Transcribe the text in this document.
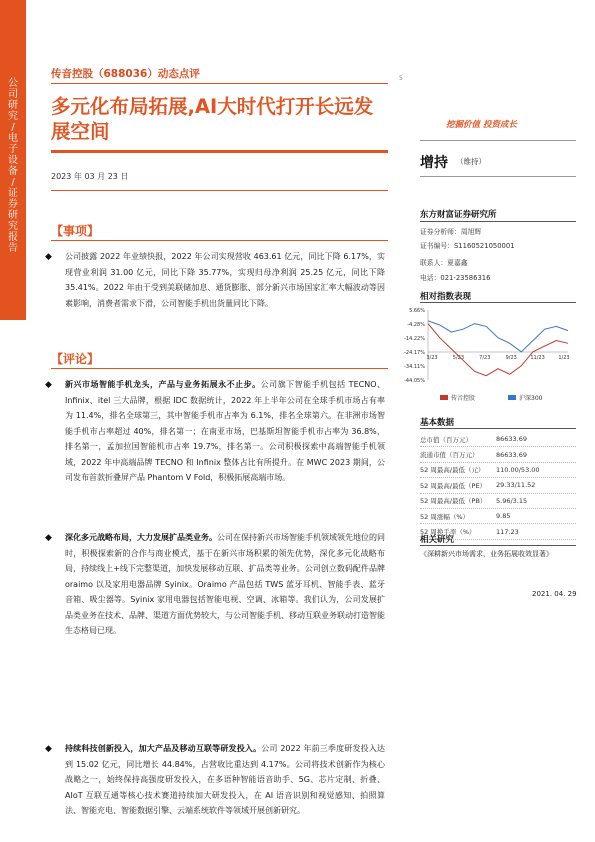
公
司
研
究
/
电
子
设
备
/
证
券
研
究
报
告
传音控股（688036）动态点评
多元化布局拓展,AI大时代打开长远发
展空间
2023 年 03 月 23 日
5
挖掘价值 投资成长
增持 （维持）
东方财富证券研究所
证券分析师：周旭辉
证书编号：S1160521050001
联系人：夏嘉鑫
电话：021-23586316
相对指数表现
5.66%
-4.28%
-14.22%
-24.17%
-34.11%
-44.05%
3/23	5/23	7/23	9/23	11/23	1/23
传音控股	沪深300
基本数据
总市值（百万元）	86633.69
流通市值（百万元）	86633.69
52 周最高/最低（元）	110.00/53.00
52 周最高/最低（PE）	29.33/11.52
52 周最高/最低（PB）	5.96/3.15
52 周涨幅（%）	9.85
52 周换手率（%）	117.23
相关研究
《深耕新兴市场需求，业务拓展收效显著》
2021. 04. 29
【事项】
◆ 公司披露 2022 年业绩快报，2022 年公司实现营收 463.61 亿元，同比下降 6.17%，实现营业利润 31.00 亿元，同比下降 35.77%，实现归母净利润 25.25 亿元，同比下降 35.41%。2022 年由于受到美联储加息、通货膨胀、部分新兴市场国家汇率大幅波动等因素影响，消费者需求下滑，公司智能手机出货量同比下降。
【评论】
◆ 新兴市场智能手机龙头，产品与业务拓展永不止步。公司旗下智能手机包括 TECNO、Infinix、itel 三大品牌，根据 IDC 数据统计，2022 年上半年公司在全球手机市场占有率为 11.4%，排名全球第三，其中智能手机市占率为 6.1%，排名全球第六。在非洲市场智能手机市占率超过 40%，排名第一；在南亚市场，巴基斯坦智能手机市占率为 36.8%，排名第一，孟加拉国智能机市占率 19.7%，排名第一。公司积极探索中高端智能手机领域，2022 年中高端品牌 TECNO 和 Infinix 整体占比有所提升。在 MWC 2023 期间，公司发布首款折叠屏产品 Phantom V Fold，积极拓展高端市场。
◆ 深化多元战略布局，大力发展扩品类业务。公司在保持新兴市场智能手机领域领先地位的同时，积极探索新的合作与商业模式，基于在新兴市场积累的领先优势，深化多元化战略布局，持续线上+线下完整渠道，加快发展移动互联、扩品类等业务。公司创立数码配件品牌 oraimo 以及家用电器品牌 Syinix。Oraimo 产品包括 TWS 蓝牙耳机、智能手表、蓝牙音箱、吸尘器等。Syinix 家用电器包括智能电视、空调、冰箱等。我们认为，公司发展扩品类业务在技术、品牌、渠道方面优势较大，与公司智能手机、移动互联业务联动打造智能生态格局已现。
◆ 持续科技创新投入，加大产品及移动互联等研发投入。公司 2022 年前三季度研发投入达到 15.02 亿元，同比增长 44.84%，占营收比重达到 4.17%。公司将技术创新作为核心战略之一，始终保持高强度研发投入，在多语种智能语音助手、5G、芯片定制、折叠、AIoT 互联互通等核心技术赛道持续加大研发投入，在 AI 语音识别和视觉感知、拍照算法、智能充电、智能数据引擎、云端系统软件等领域开展创新研究。
